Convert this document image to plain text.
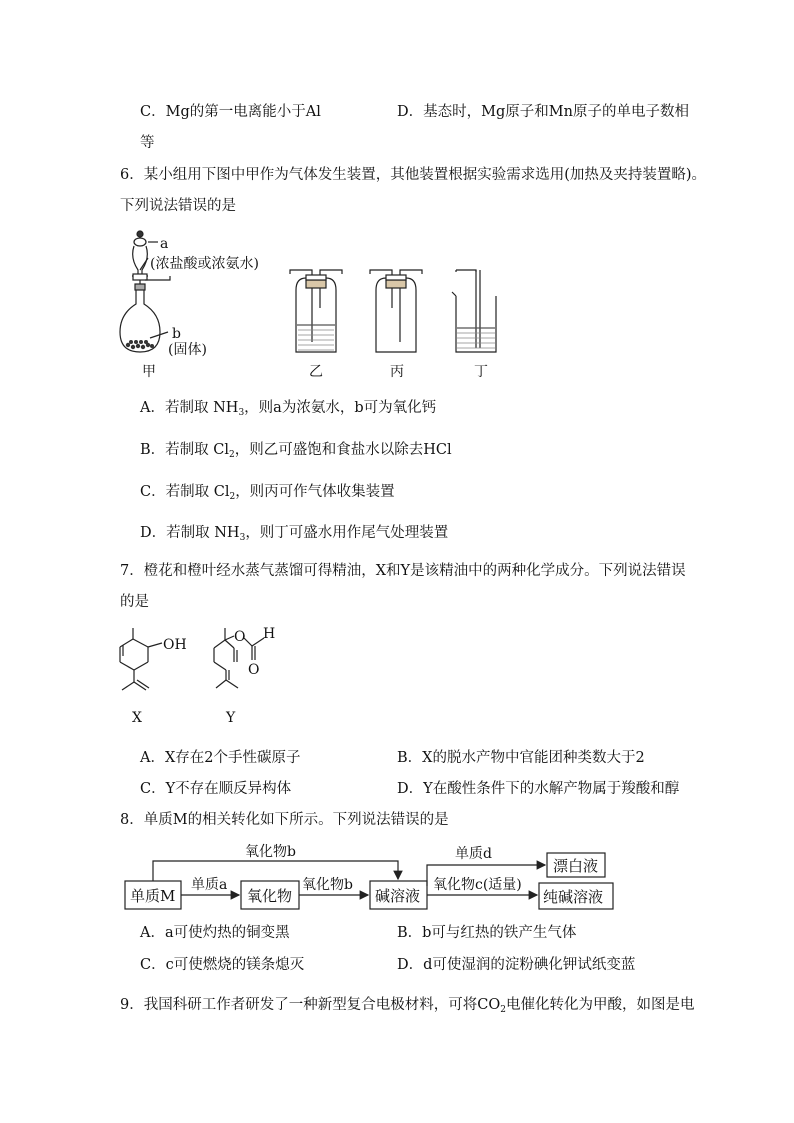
C．Mg的第一电离能小于Al	D．基态时，Mg原子和Mn原子的单电子数相
等
6．某小组用下图中甲作为气体发生装置，其他装置根据实验需求选用(加热及夹持装置略)。
下列说法错误的是
a
(浓盐酸或浓氨水)
b
(固体)
甲	乙	丙	丁
A．若制取 $NH_3$，则a为浓氨水，b可为氧化钙
B．若制取 $Cl_2$，则乙可盛饱和食盐水以除去HCl
C．若制取 $Cl_2$，则丙可作气体收集装置
D．若制取 $NH_3$，则丁可盛水用作尾气处理装置
7．橙花和橙叶经水蒸气蒸馏可得精油，X和Y是该精油中的两种化学成分。下列说法错误
的是
OH
X
O H
O
Y
A．X存在2个手性碳原子	B．X的脱水产物中官能团种类数大于2
C．Y不存在顺反异构体	D．Y在酸性条件下的水解产物属于羧酸和醇
8．单质M的相关转化如下所示。下列说法错误的是
单质M	氧化物	碱溶液
漂白液
纯碱溶液
单质a	氧化物b
氧化物b	单质d
氧化物c(适量)
A．a可使灼热的铜变黑	B．b可与红热的铁产生气体
C．c可使燃烧的镁条熄灭	D．d可使湿润的淀粉碘化钾试纸变蓝
9．我国科研工作者研发了一种新型复合电极材料，可将$CO_2$电催化转化为甲酸，如图是电
